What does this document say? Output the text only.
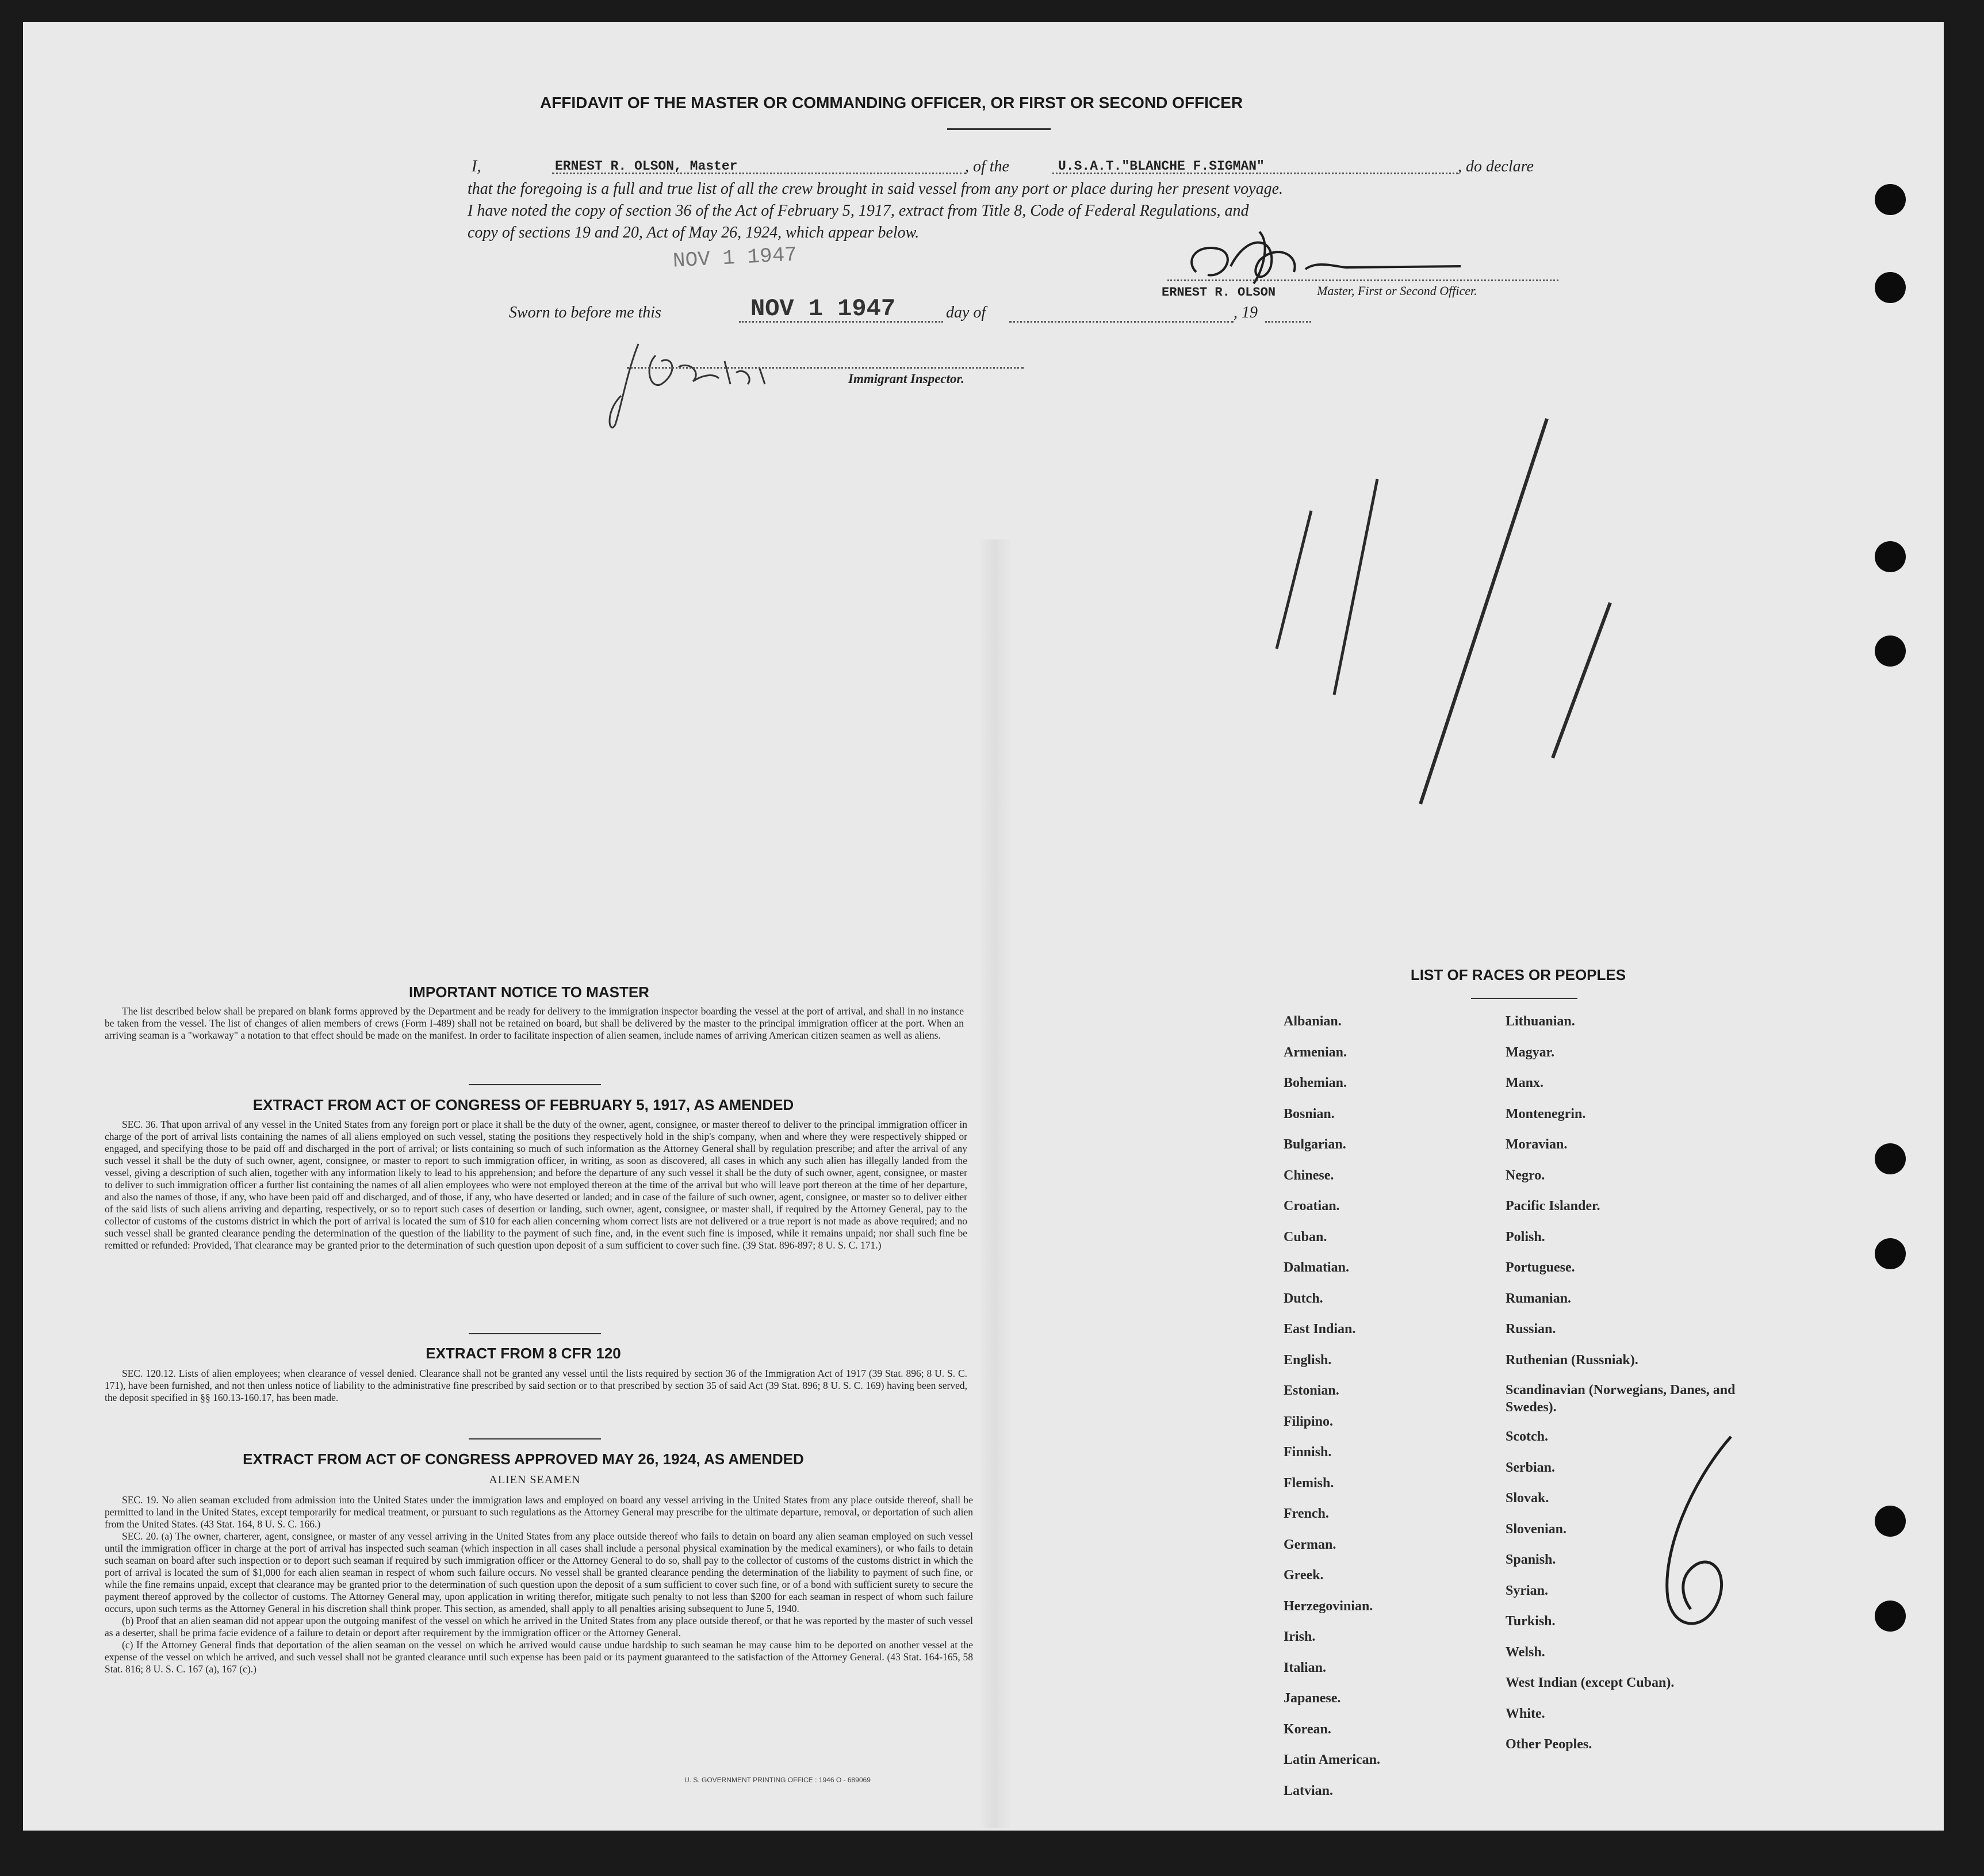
AFFIDAVIT OF THE MASTER OR COMMANDING OFFICER, OR FIRST OR SECOND OFFICER
I,	ERNEST R. OLSON, Master	, of the	U.S.A.T."BLANCHE F.SIGMAN"	, do declare
that the foregoing is a full and true list of all the crew brought in said vessel from any port or place during her present voyage.
I have noted the copy of section 36 of the Act of February 5, 1917, extract from Title 8, Code of Federal Regulations, and
copy of sections 19 and 20, Act of May 26, 1924, which appear below.
NOV 1 1947
ERNEST R. OLSON	Master, First or Second Officer.
Sworn to before me this	NOV 1 1947	day of	, 19
Immigrant Inspector.
IMPORTANT NOTICE TO MASTER

The list described below shall be prepared on blank forms approved by the Department and be ready for delivery to the immigration inspector boarding the vessel at the port of arrival, and shall in no instance be taken from the vessel. The list of changes of alien members of crews (Form I-489) shall not be retained on board, but shall be delivered by the master to the principal immigration officer at the port. When an arriving seaman is a "workaway" a notation to that effect should be made on the manifest. In order to facilitate inspection of alien seamen, include names of arriving American citizen seamen as well as aliens.

EXTRACT FROM ACT OF CONGRESS OF FEBRUARY 5, 1917, AS AMENDED

SEC. 36. That upon arrival of any vessel in the United States from any foreign port or place it shall be the duty of the owner, agent, consignee, or master thereof to deliver to the principal immigration officer in charge of the port of arrival lists containing the names of all aliens employed on such vessel, stating the positions they respectively hold in the ship's company, when and where they were respectively shipped or engaged, and specifying those to be paid off and discharged in the port of arrival; or lists containing so much of such information as the Attorney General shall by regulation prescribe; and after the arrival of any such vessel it shall be the duty of such owner, agent, consignee, or master to report to such immigration officer, in writing, as soon as discovered, all cases in which any such alien has illegally landed from the vessel, giving a description of such alien, together with any information likely to lead to his apprehension; and before the departure of any such vessel it shall be the duty of such owner, agent, consignee, or master to deliver to such immigration officer a further list containing the names of all alien employees who were not employed thereon at the time of the arrival but who will leave port thereon at the time of her departure, and also the names of those, if any, who have been paid off and discharged, and of those, if any, who have deserted or landed; and in case of the failure of such owner, agent, consignee, or master so to deliver either of the said lists of such aliens arriving and departing, respectively, or so to report such cases of desertion or landing, such owner, agent, consignee, or master shall, if required by the Attorney General, pay to the collector of customs of the customs district in which the port of arrival is located the sum of $10 for each alien concerning whom correct lists are not delivered or a true report is not made as above required; and no such vessel shall be granted clearance pending the determination of the question of the liability to the payment of such fine, and, in the event such fine is imposed, while it remains unpaid; nor shall such fine be remitted or refunded: Provided, That clearance may be granted prior to the determination of such question upon deposit of a sum sufficient to cover such fine. (39 Stat. 896-897; 8 U. S. C. 171.)

EXTRACT FROM 8 CFR 120

SEC. 120.12. Lists of alien employees; when clearance of vessel denied. Clearance shall not be granted any vessel until the lists required by section 36 of the Immigration Act of 1917 (39 Stat. 896; 8 U. S. C. 171), have been furnished, and not then unless notice of liability to the administrative fine prescribed by said section or to that prescribed by section 35 of said Act (39 Stat. 896; 8 U. S. C. 169) having been served, the deposit specified in §§ 160.13-160.17, has been made.

EXTRACT FROM ACT OF CONGRESS APPROVED MAY 26, 1924, AS AMENDED
ALIEN SEAMEN

SEC. 19. No alien seaman excluded from admission into the United States under the immigration laws and employed on board any vessel arriving in the United States from any place outside thereof, shall be permitted to land in the United States, except temporarily for medical treatment, or pursuant to such regulations as the Attorney General may prescribe for the ultimate departure, removal, or deportation of such alien from the United States. (43 Stat. 164, 8 U. S. C. 166.)

SEC. 20. (a) The owner, charterer, agent, consignee, or master of any vessel arriving in the United States from any place outside thereof who fails to detain on board any alien seaman employed on such vessel until the immigration officer in charge at the port of arrival has inspected such seaman (which inspection in all cases shall include a personal physical examination by the medical examiners), or who fails to detain such seaman on board after such inspection or to deport such seaman if required by such immigration officer or the Attorney General to do so, shall pay to the collector of customs of the customs district in which the port of arrival is located the sum of $1,000 for each alien seaman in respect of whom such failure occurs. No vessel shall be granted clearance pending the determination of the liability to payment of such fine, or while the fine remains unpaid, except that clearance may be granted prior to the determination of such question upon the deposit of a sum sufficient to cover such fine, or of a bond with sufficient surety to secure the payment thereof approved by the collector of customs. The Attorney General may, upon application in writing therefor, mitigate such penalty to not less than $200 for each seaman in respect of whom such failure occurs, upon such terms as the Attorney General in his discretion shall think proper. This section, as amended, shall apply to all penalties arising subsequent to June 5, 1940.

(b) Proof that an alien seaman did not appear upon the outgoing manifest of the vessel on which he arrived in the United States from any place outside thereof, or that he was reported by the master of such vessel as a deserter, shall be prima facie evidence of a failure to detain or deport after requirement by the immigration officer or the Attorney General.

(c) If the Attorney General finds that deportation of the alien seaman on the vessel on which he arrived would cause undue hardship to such seaman he may cause him to be deported on another vessel at the expense of the vessel on which he arrived, and such vessel shall not be granted clearance until such expense has been paid or its payment guaranteed to the satisfaction of the Attorney General. (43 Stat. 164-165, 58 Stat. 816; 8 U. S. C. 167 (a), 167 (c).)

U. S. GOVERNMENT PRINTING OFFICE : 1946 O - 689069
LIST OF RACES OR PEOPLES
Albanian.
Armenian.
Bohemian.
Bosnian.
Bulgarian.
Chinese.
Croatian.
Cuban.
Dalmatian.
Dutch.
East Indian.
English.
Estonian.
Filipino.
Finnish.
Flemish.
French.
German.
Greek.
Herzegovinian.
Irish.
Italian.
Japanese.
Korean.
Latin American.
Latvian.
Lithuanian.
Magyar.
Manx.
Montenegrin.
Moravian.
Negro.
Pacific Islander.
Polish.
Portuguese.
Rumanian.
Russian.
Ruthenian (Russniak).
Scandinavian (Norwegians, Danes, and Swedes).
Scotch.
Serbian.
Slovak.
Slovenian.
Spanish.
Syrian.
Turkish.
Welsh.
West Indian (except Cuban).
White.
Other Peoples.
